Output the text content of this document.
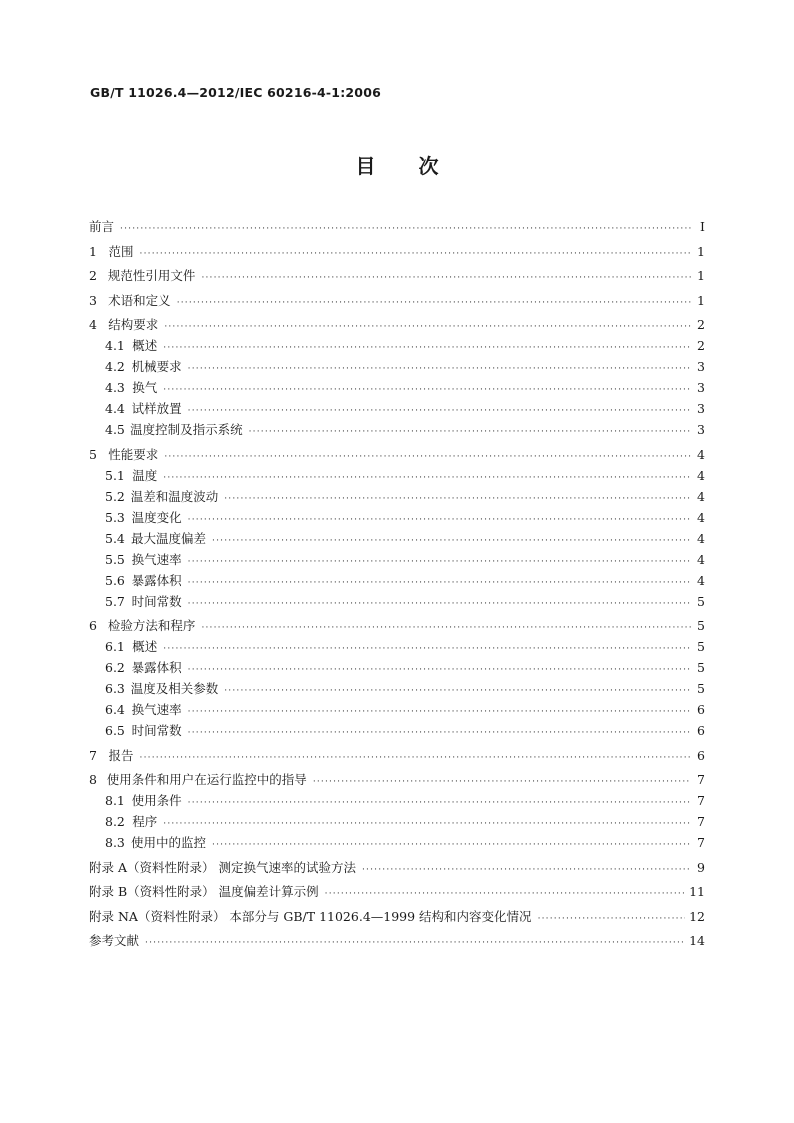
GB/T 11026.4—2012/IEC 60216-4-1:2006
目 次
前言 ·····	Ⅰ
1 范围 ·····	1
2 规范性引用文件 ·····	1
3 术语和定义 ·····	1
4 结构要求 ·····	2
4.1 概述 ·····	2
4.2 机械要求 ·····	3
4.3 换气 ·····	3
4.4 试样放置 ·····	3
4.5 温度控制及指示系统 ·····	3
5 性能要求 ·····	4
5.1 温度 ·····	4
5.2 温差和温度波动 ·····	4
5.3 温度变化 ·····	4
5.4 最大温度偏差 ·····	4
5.5 换气速率 ·····	4
5.6 暴露体积 ·····	4
5.7 时间常数 ·····	5
6 检验方法和程序 ·····	5
6.1 概述 ·····	5
6.2 暴露体积 ·····	5
6.3 温度及相关参数 ·····	5
6.4 换气速率 ·····	6
6.5 时间常数 ·····	6
7 报告 ·····	6
8 使用条件和用户在运行监控中的指导 ·····	7
8.1 使用条件 ·····	7
8.2 程序 ·····	7
8.3 使用中的监控 ·····	7
附录 A（资料性附录） 测定换气速率的试验方法 ·····	9
附录 B（资料性附录） 温度偏差计算示例 ·····	11
附录 NA（资料性附录） 本部分与 GB/T 11026.4—1999 结构和内容变化情况 ·····	12
参考文献 ·····	14
